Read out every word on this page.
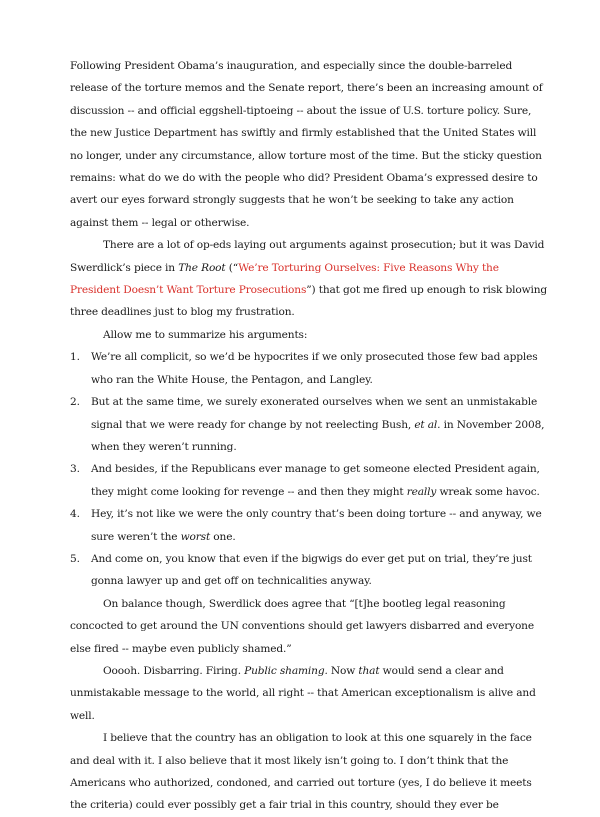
Following President Obama’s inauguration, and especially since the double-barreled release of the torture memos and the Senate report, there’s been an increasing amount of discussion -- and official eggshell-tiptoeing -- about the issue of U.S. torture policy. Sure, the new Justice Department has swiftly and firmly established that the United States will no longer, under any circumstance, allow torture most of the time. But the sticky question remains: what do we do with the people who did? President Obama’s expressed desire to avert our eyes forward strongly suggests that he won’t be seeking to take any action against them -- legal or otherwise.

There are a lot of op-eds laying out arguments against prosecution; but it was David Swerdlick’s piece in The Root (“We’re Torturing Ourselves: Five Reasons Why the President Doesn’t Want Torture Prosecutions”) that got me fired up enough to risk blowing three deadlines just to blog my frustration.

Allow me to summarize his arguments:

1. We’re all complicit, so we’d be hypocrites if we only prosecuted those few bad apples who ran the White House, the Pentagon, and Langley.
2. But at the same time, we surely exonerated ourselves when we sent an unmistakable signal that we were ready for change by not reelecting Bush, et al. in November 2008, when they weren’t running.
3. And besides, if the Republicans ever manage to get someone elected President again, they might come looking for revenge -- and then they might really wreak some havoc.
4. Hey, it’s not like we were the only country that’s been doing torture -- and anyway, we sure weren’t the worst one.
5. And come on, you know that even if the bigwigs do ever get put on trial, they’re just gonna lawyer up and get off on technicalities anyway.

On balance though, Swerdlick does agree that “[t]he bootleg legal reasoning concocted to get around the UN conventions should get lawyers disbarred and everyone else fired -- maybe even publicly shamed.”

Ooooh. Disbarring. Firing. Public shaming. Now that would send a clear and unmistakable message to the world, all right -- that American exceptionalism is alive and well.

I believe that the country has an obligation to look at this one squarely in the face and deal with it. I also believe that it most likely isn’t going to. I don’t think that the Americans who authorized, condoned, and carried out torture (yes, I do believe it meets the criteria) could ever possibly get a fair trial in this country, should they ever be
